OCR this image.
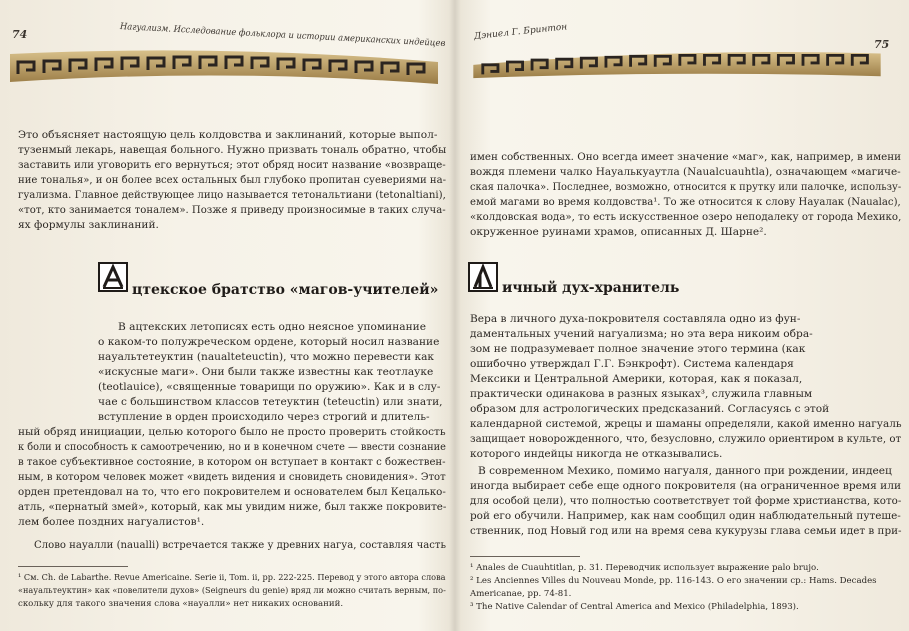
74	Нагуализм. Исследование фольклора и истории американских индейцев
Это объясняет настоящую цель колдовства и заклинаний, которые выпол-
тузенмый лекарь, навещая больного. Нужно призвать тональ обратно, чтобы
заставить или уговорить его вернуться; этот обряд носит название «возвраще-
ние тональя», и он более всех остальных был глубоко пропитан суевериями на-
гуализма. Главное действующее лицо называется тетональтиани (tetonaltiani),
«тот, кто занимается тоналем». Позже я приведу произносимые в таких случа-
ях формулы заклинаний.
цтекское братство «магов-учителей»
В ацтекских летописях есть одно неясное упоминание
о каком-то полужреческом ордене, который носил название
науальтетеуктин (naualteteuctin), что можно перевести как
«искусные маги». Они были также известны как теотлауке
(teotlauice), «священные товарищи по оружию». Как и в слу-
чае с большинством классов тетеуктин (teteuctin) или знати,
вступление в орден происходило через строгий и длитель-
ный обряд инициации, целью которого было не просто проверить стойкость
к боли и способность к самоотречению, но и в конечном счете — ввести сознание
в такое субъективное состояние, в котором он вступает в контакт с божествен-
ным, в котором человек может «видеть видения и сновидеть сновидения». Этот
орден претендовал на то, что его покровителем и основателем был Кецалько-
атль, «пернатый змей», который, как мы увидим ниже, был также покровите-
лем более поздних нагуалистов¹.
Слово науалли (naualli) встречается также у древних нагуа, составляя часть
¹ См. Ch. de Labarthe. Revue Americaine. Serie ii, Tom. ii, pp. 222-225. Перевод у этого автора слова
«науальтеуктин» как «повелители духов» (Seigneurs du genie) вряд ли можно считать верным, по-
скольку для такого значения слова «науалли» нет никаких оснований.
Дэниел Г. Бринтон
75
имен собственных. Оно всегда имеет значение «маг», как, например, в имени
вождя племени чалко Науалькуаутла (Naualcuauhtla), означающем «магиче-
ская палочка». Последнее, возможно, относится к прутку или палочке, использу-
емой магами во время колдовства¹. То же относится к слову Науалак (Naualac),
«колдовская вода», то есть искусственное озеро неподалеку от города Мехико,
окруженное руинами храмов, описанных Д. Шарне².
ичный дух-хранитель
Вера в личного духа-покровителя составляла одно из фун-
даментальных учений нагуализма; но эта вера никоим обра-
зом не подразумевает полное значение этого термина (как
ошибочно утверждал Г.Г. Бэнкрофт). Система календаря
Мексики и Центральной Америки, которая, как я показал,
практически одинакова в разных языках³, служила главным
образом для астрологических предсказаний. Согласуясь с этой
календарной системой, жрецы и шаманы определяли, какой именно нагуаль
защищает новорожденного, что, безусловно, служило ориентиром в культе, от
которого индейцы никогда не отказывались.
В современном Мехико, помимо нагуаля, данного при рождении, индеец
иногда выбирает себе еще одного покровителя (на ограниченное время или
для особой цели), что полностью соответствует той форме христианства, кото-
рой его обучили. Например, как нам сообщил один наблюдательный путеше-
ственник, под Новый год или на время сева кукурузы глава семьи идет в при-
¹ Anales de Cuauhtitlan, p. 31. Переводчик использует выражение palo brujo.
² Les Anciennes Villes du Nouveau Monde, pp. 116-143. О его значении ср.: Hams. Decades
Americanae, pp. 74-81.
³ The Native Calendar of Central America and Mexico (Philadelphia, 1893).
